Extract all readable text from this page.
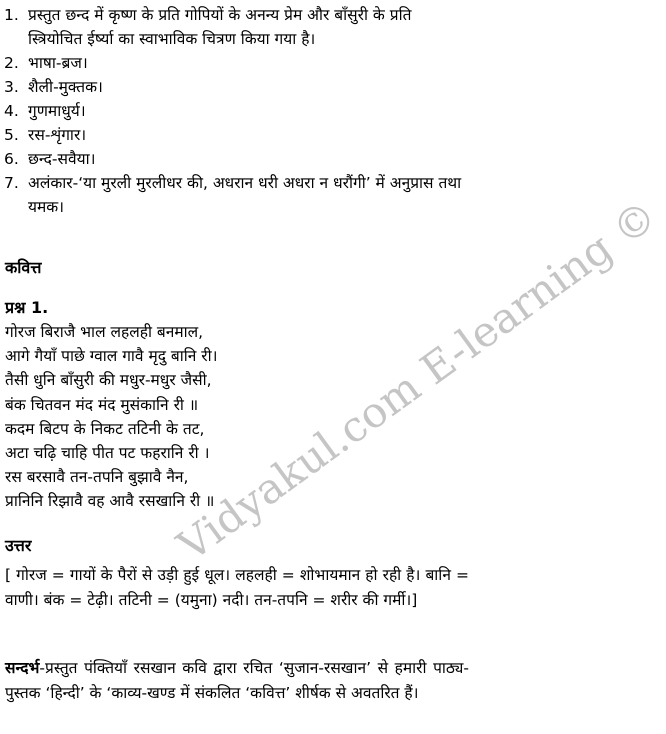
1. प्रस्तुत छन्द में कृष्ण के प्रति गोपियों के अनन्य प्रेम और बाँसुरी के प्रति स्त्रियोचित ईर्ष्या का स्वाभाविक चित्रण किया गया है।
2. भाषा-ब्रज।
3. शैली-मुक्तक।
4. गुणमाधुर्य।
5. रस-शृंगार।
6. छन्द-सवैया।
7. अलंकार-‘या मुरली मुरलीधर की, अधरान धरी अधरा न धरौंगी’ में अनुप्रास तथा यमक।
कवित्त
प्रश्न 1.
गोरज बिराजै भाल लहलही बनमाल,
आगे गैयाँ पाछे ग्वाल गावै मृदु बानि री।
तैसी धुनि बाँसुरी की मधुर-मधुर जैसी,
बंक चितवन मंद मंद मुसंकानि री ॥
कदम बिटप के निकट तटिनी के तट,
अटा चढ़ि चाहि पीत पट फहरानि री ।
रस बरसावै तन-तपनि बुझावै नैन,
प्रानिनि रिझावै वह आवै रसखानि री ॥
उत्तर
[ गोरज = गायों के पैरों से उड़ी हुई धूल। लहलही = शोभायमान हो रही है। बानि = वाणी। बंक = टेढ़ी। तटिनी = (यमुना) नदी। तन-तपनि = शरीर की गर्मी।]
सन्दर्भ-प्रस्तुत पंक्तियाँ रसखान कवि द्वारा रचित ‘सुजान-रसखान’ से हमारी पाठ्य-पुस्तक ‘हिन्दी’ के ‘काव्य-खण्ड में संकलित ‘कवित्त’ शीर्षक से अवतरित हैं।
Vidyakul.com E-learning ©
